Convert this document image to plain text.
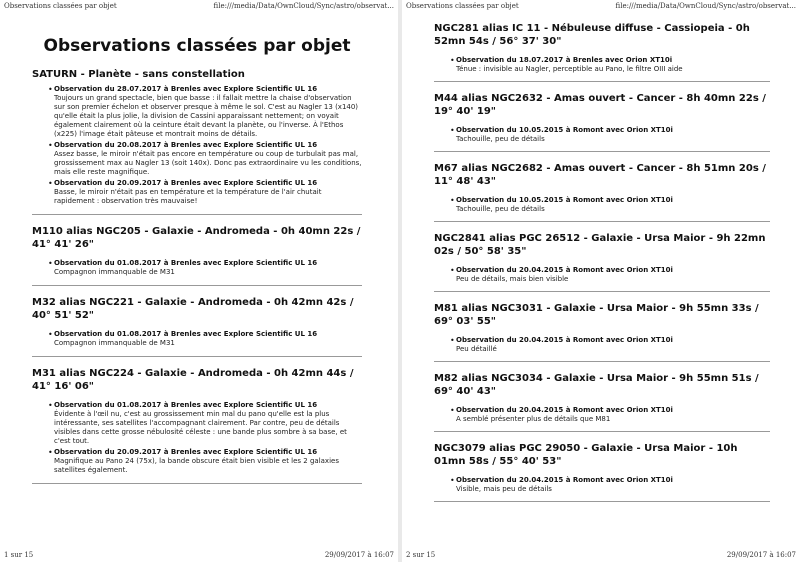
Observations classées par objet	file:///media/Data/OwnCloud/Sync/astro/observat...
Observations classées par objet
SATURN - Planète - sans constellation
• Observation du 28.07.2017 à Brenles avec Explore Scientific UL 16
Toujours un grand spectacle, bien que basse : il fallait mettre la chaise d'observation sur son premier échelon et observer presque à même le sol. C'est au Nagler 13 (x140) qu'elle était la plus jolie, la division de Cassini apparaissant nettement; on voyait également clairement où la ceinture était devant la planète, ou l'inverse. À l'Ethos (x225) l'image était pâteuse et montrait moins de détails.
• Observation du 20.08.2017 à Brenles avec Explore Scientific UL 16
Assez basse, le miroir n'était pas encore en température ou coup de turbulait pas mal, grossissement max au Nagler 13 (soit 140x). Donc pas extraordinaire vu les conditions, mais elle reste magnifique.
• Observation du 20.09.2017 à Brenles avec Explore Scientific UL 16
Basse, le miroir n'était pas en température et la température de l'air chutait rapidement : observation très mauvaise!
M110 alias NGC205 - Galaxie - Andromeda - 0h 40mn 22s / 41° 41' 26"
• Observation du 01.08.2017 à Brenles avec Explore Scientific UL 16
Compagnon immanquable de M31
M32 alias NGC221 - Galaxie - Andromeda - 0h 42mn 42s / 40° 51' 52"
• Observation du 01.08.2017 à Brenles avec Explore Scientific UL 16
Compagnon immanquable de M31
M31 alias NGC224 - Galaxie - Andromeda - 0h 42mn 44s / 41° 16' 06"
• Observation du 01.08.2017 à Brenles avec Explore Scientific UL 16
Évidente à l'œil nu, c'est au grossissement min mal du pano qu'elle est la plus intéressante, ses satellites l'accompagnant clairement. Par contre, peu de détails visibles dans cette grosse nébulosité céleste : une bande plus sombre à sa base, et c'est tout.
• Observation du 20.09.2017 à Brenles avec Explore Scientific UL 16
Magnifique au Pano 24 (75x), la bande obscure était bien visible et les 2 galaxies satellites également.
1 sur 15	29/09/2017 à 16:07
Observations classées par objet	file:///media/Data/OwnCloud/Sync/astro/observat...
NGC281 alias IC 11 - Nébuleuse diffuse - Cassiopeia - 0h 52mn 54s / 56° 37' 30"
• Observation du 18.07.2017 à Brenles avec Orion XT10i
Ténue : invisible au Nagler, perceptible au Pano, le filtre OIII aide
M44 alias NGC2632 - Amas ouvert - Cancer - 8h 40mn 22s / 19° 40' 19"
• Observation du 10.05.2015 à Romont avec Orion XT10i
Tachouille, peu de détails
M67 alias NGC2682 - Amas ouvert - Cancer - 8h 51mn 20s / 11° 48' 43"
• Observation du 10.05.2015 à Romont avec Orion XT10i
Tachouille, peu de détails
NGC2841 alias PGC 26512 - Galaxie - Ursa Maior - 9h 22mn 02s / 50° 58' 35"
• Observation du 20.04.2015 à Romont avec Orion XT10i
Peu de détails, mais bien visible
M81 alias NGC3031 - Galaxie - Ursa Maior - 9h 55mn 33s / 69° 03' 55"
• Observation du 20.04.2015 à Romont avec Orion XT10i
Peu détaillé
M82 alias NGC3034 - Galaxie - Ursa Maior - 9h 55mn 51s / 69° 40' 43"
• Observation du 20.04.2015 à Romont avec Orion XT10i
A semblé présenter plus de détails que M81
NGC3079 alias PGC 29050 - Galaxie - Ursa Maior - 10h 01mn 58s / 55° 40' 53"
• Observation du 20.04.2015 à Romont avec Orion XT10i
Visible, mais peu de détails
2 sur 15	29/09/2017 à 16:07
